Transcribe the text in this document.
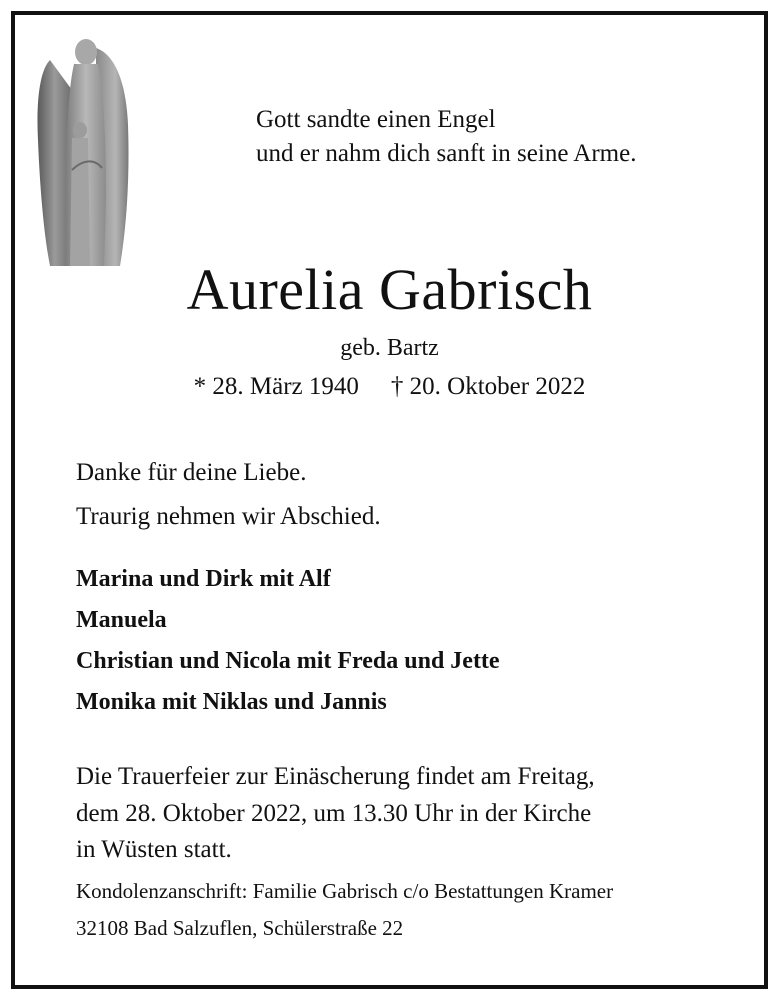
Gott sandte einen Engel
und er nahm dich sanft in seine Arme.
Aurelia Gabrisch
geb. Bartz
* 28. März 1940 † 20. Oktober 2022
Danke für deine Liebe.
Traurig nehmen wir Abschied.
Marina und Dirk mit Alf
Manuela
Christian und Nicola mit Freda und Jette
Monika mit Niklas und Jannis
Die Trauerfeier zur Einäscherung findet am Freitag,
dem 28. Oktober 2022, um 13.30 Uhr in der Kirche
in Wüsten statt.
Kondolenzanschrift: Familie Gabrisch c/o Bestattungen Kramer
32108 Bad Salzuflen, Schülerstraße 22
